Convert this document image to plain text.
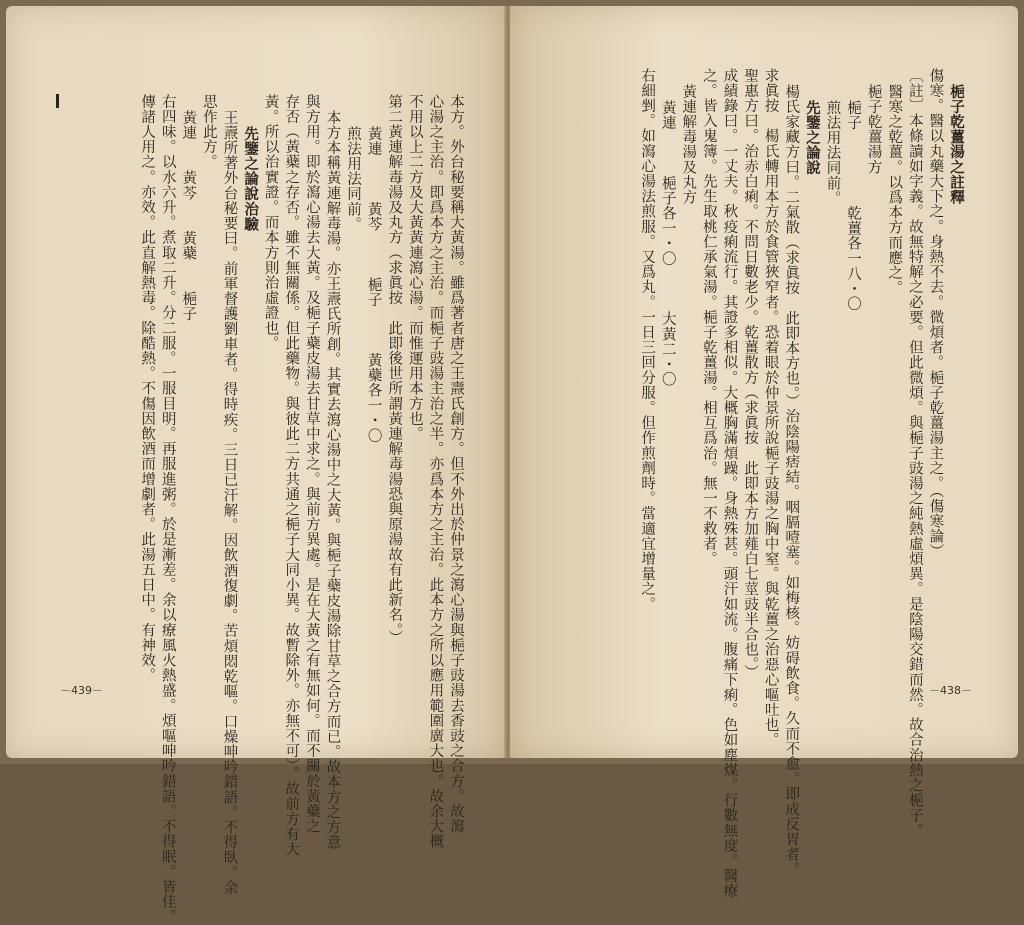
本方。外台秘要稱大黃湯。雖爲著者唐之王燾氏創方。但不外出於仲景之瀉心湯與梔子豉湯去香豉之合方。故瀉
心湯之主治。即爲本方之主治。而梔子豉湯主治之半。亦爲本方之主治。此本方之所以應用範圍廣大也。故余大概
不用以上二方及大黃黃連瀉心湯。而惟運用本方也。
第二黃連解毒湯及丸方（求眞按　此即後世所謂黃連解毒湯恐與原湯故有此新名。）
黃連　　　黃芩　　　梔子　　　黃蘗各一・〇
煎法用法同前。
本方本稱黃連解毒湯。亦王燾氏所創。其實去瀉心湯中之大黃。與梔子蘗皮湯除甘草之合方而已。故本方之方意
與方用。即於瀉心湯去大黃。及梔子蘗皮湯去甘草中求之。與前方異處。是在大黃之有無如何。而不關於黃蘗之
存否（黃蘗之存否。雖不無關係。但此藥物。與彼此二方共通之梔子大同小異。故暫除外。亦無不可）。故前方有大
黃。所以治實證。而本方則治虛證也。
先鑒之論說治驗
王燾所著外台秘要曰。前軍督護劉車者。得時疾。三日已汗解。因飲酒復劇。苦煩悶乾嘔。口燥呻吟錯語。不得臥。余
思作此方。
黃連　　黃芩　　黃蘗　　梔子
右四味。以水六升。煮取二升。分二服。一服目明。再服進粥。於是漸差。余以療風火熱盛。煩嘔呻吟錯語。不得眠。皆佳。
傳諸人用之。亦效。此直解熱毒。除酷熱。不傷因飲酒而增劇者。此湯五日中。有神效。
－439－
梔子乾薑湯之註釋
傷寒。醫以丸藥大下之。身熱不去。微煩者。梔子乾薑湯主之。（傷寒論）
〔註〕本條讀如字義。故無特解之必要。但此微煩。與梔子豉湯之純熱虛煩異。是陰陽交錯而然。故合治熱之梔子。
醫寒之乾薑。以爲本方而應之。
梔子乾薑湯方
梔子　　　　　乾薑各一八・〇
煎法用法同前。
先鑒之論說
楊氏家藏方曰。二氣散（求眞按　此即本方也。）治陰陽痞結。咽膈噎塞。如梅核。妨碍飲食。久而不愈。即成反胃者。
求眞按　楊氏轉用本方於食管狹窄者。恐着眼於仲景所說梔子豉湯之胸中窒。與乾薑之治惡心嘔吐也。
聖惠方曰。治赤白痢。不問日數老少。乾薑散方（求眞按　此即本方加薤白七莖豉半合也。）
成績錄曰。一丈夫。秋疫痢流行。其證多相似。大概胸滿煩躁。身熱殊甚。頭汗如流。腹痛下痢。色如塵煤。行數無度。醫療
之。皆入鬼簿。先生取桃仁承氣湯。梔子乾薑湯。相互爲治。無一不救者。
黃連解毒湯及丸方
黃連　　　梔子各一・〇　　　大黃二・〇
右細剉。如瀉心湯法煎服。又爲丸。一日三回分服。但作煎劑時。當適宜增量之。
－438－
